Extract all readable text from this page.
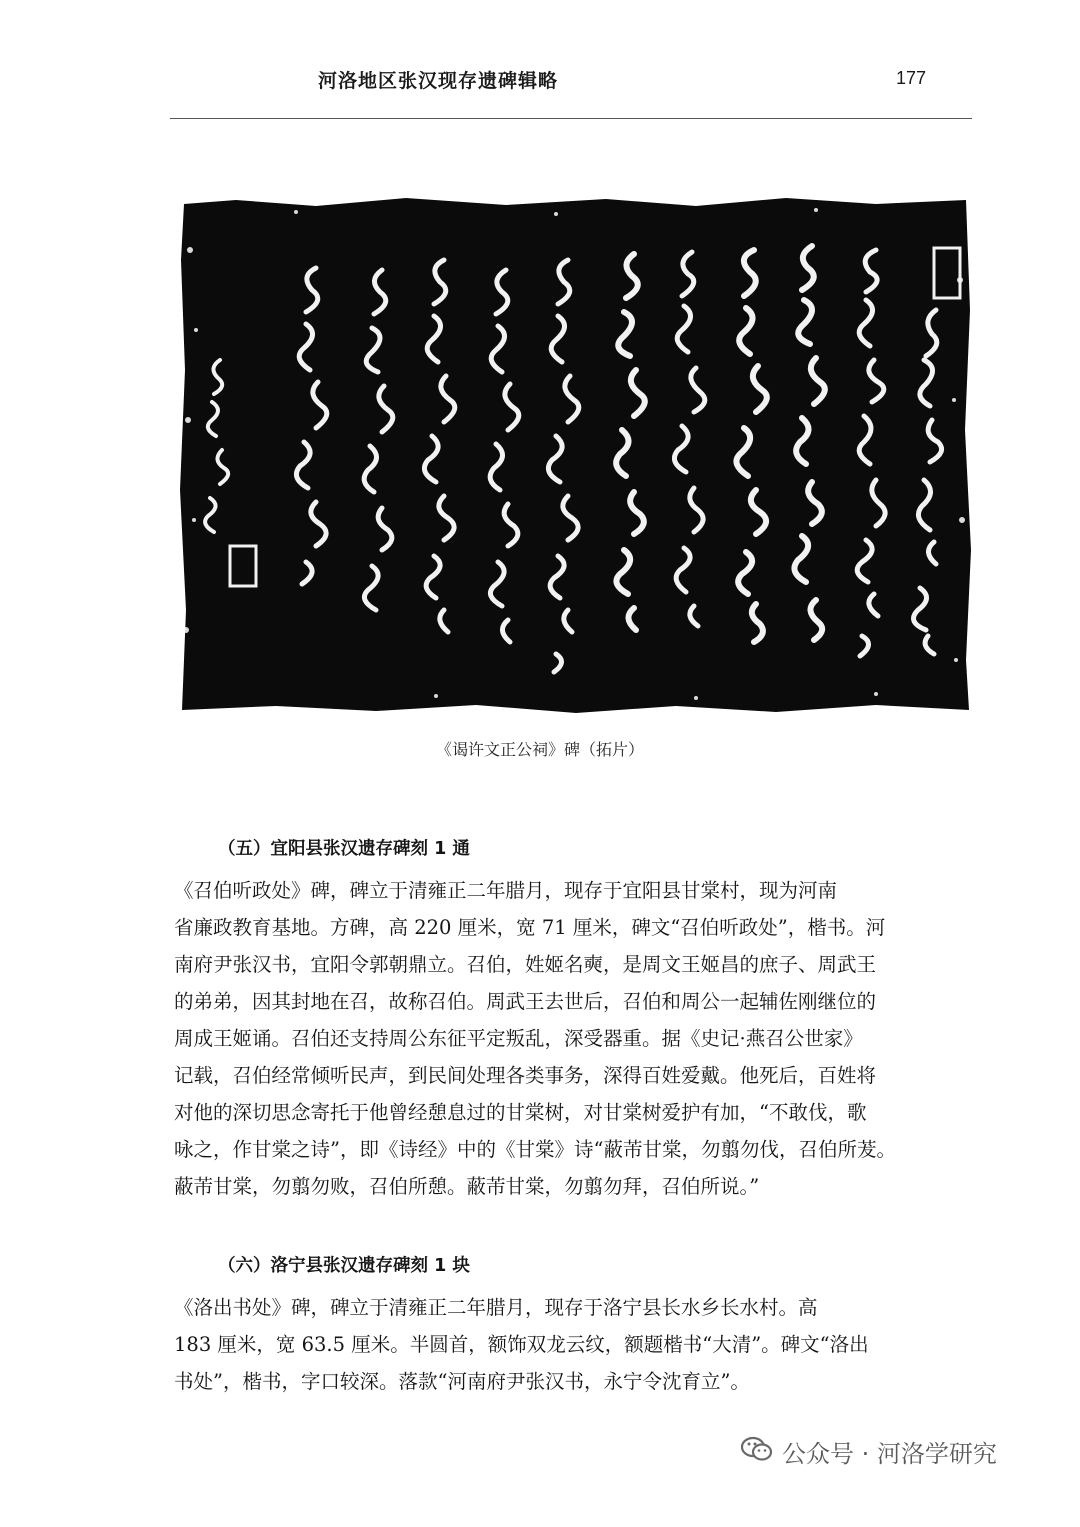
河洛地区张汉现存遗碑辑略	177
《谒许文正公祠》碑（拓片）
（五）宜阳县张汉遗存碑刻 1 通
《召伯听政处》碑，碑立于清雍正二年腊月，现存于宜阳县甘棠村，现为河南
省廉政教育基地。方碑，高 220 厘米，宽 71 厘米，碑文“召伯听政处”，楷书。河
南府尹张汉书，宜阳令郭朝鼎立。召伯，姓姬名奭，是周文王姬昌的庶子、周武王
的弟弟，因其封地在召，故称召伯。周武王去世后，召伯和周公一起辅佐刚继位的
周成王姬诵。召伯还支持周公东征平定叛乱，深受器重。据《史记·燕召公世家》
记载，召伯经常倾听民声，到民间处理各类事务，深得百姓爱戴。他死后，百姓将
对他的深切思念寄托于他曾经憩息过的甘棠树，对甘棠树爱护有加，“不敢伐，歌
咏之，作甘棠之诗”，即《诗经》中的《甘棠》诗“蔽芾甘棠，勿翦勿伐，召伯所茇。
蔽芾甘棠，勿翦勿败，召伯所憩。蔽芾甘棠，勿翦勿拜，召伯所说。”
（六）洛宁县张汉遗存碑刻 1 块
《洛出书处》碑，碑立于清雍正二年腊月，现存于洛宁县长水乡长水村。高
183 厘米，宽 63.5 厘米。半圆首，额饰双龙云纹，额题楷书“大清”。碑文“洛出
书处”，楷书，字口较深。落款“河南府尹张汉书，永宁令沈育立”。
公众号 · 河洛学研究
